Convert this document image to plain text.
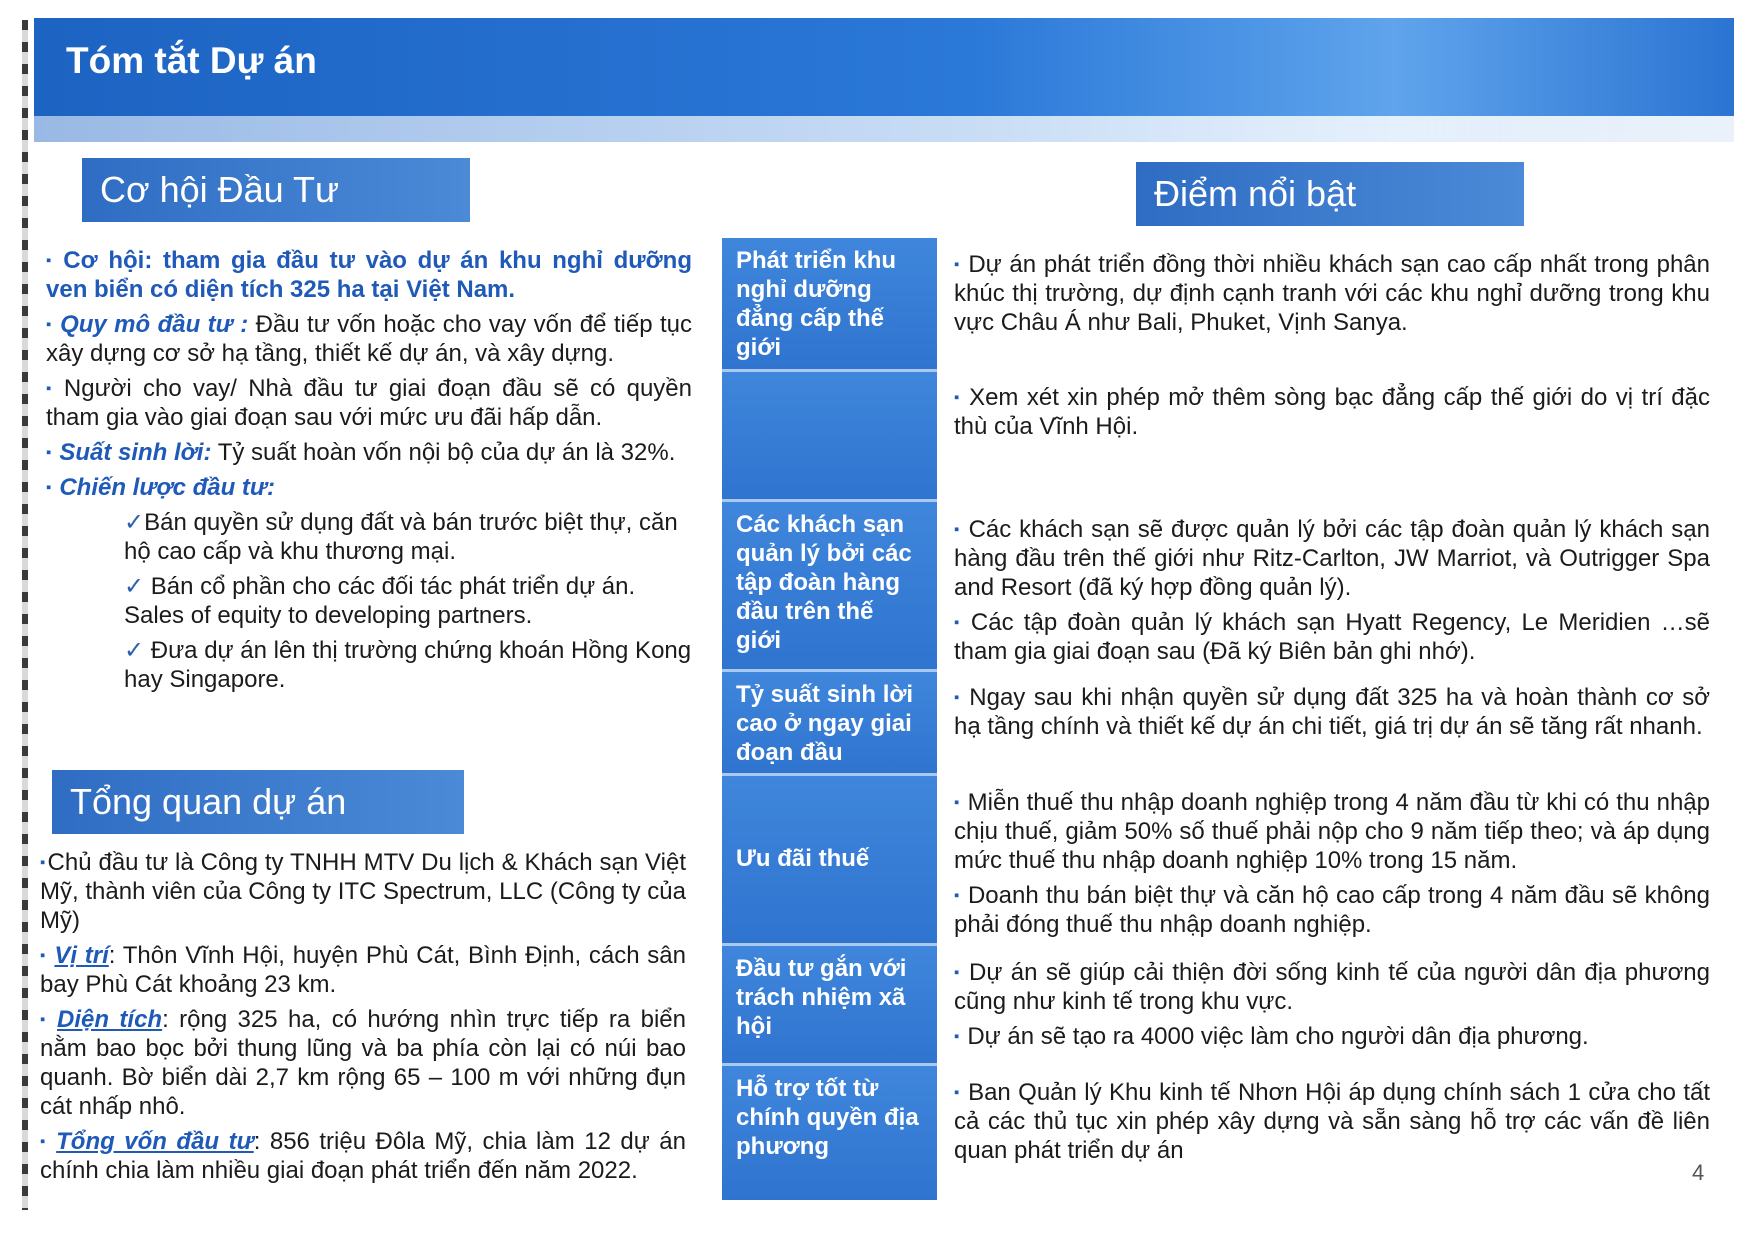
Tóm tắt Dự án
Cơ hội Đầu Tư

▪ Cơ hội: tham gia đầu tư vào dự án khu nghỉ dưỡng ven biển có diện tích 325 ha tại Việt Nam.

▪ Quy mô đầu tư : Đầu tư vốn hoặc cho vay vốn để tiếp tục xây dựng cơ sở hạ tầng, thiết kế dự án, và xây dựng.

▪ Người cho vay/ Nhà đầu tư giai đoạn đầu sẽ có quyền tham gia vào giai đoạn sau với mức ưu đãi hấp dẫn.

▪ Suất sinh lời: Tỷ suất hoàn vốn nội bộ của dự án là 32%.

▪ Chiến lược đầu tư:

✓Bán quyền sử dụng đất và bán trước biệt thự, căn hộ cao cấp và khu thương mại.

✓ Bán cổ phần cho các đối tác phát triển dự án. Sales of equity to developing partners.

✓ Đưa dự án lên thị trường chứng khoán Hồng Kong hay Singapore.

Tổng quan dự án

▪Chủ đầu tư là Công ty TNHH MTV Du lịch & Khách sạn Việt Mỹ, thành viên của Công ty ITC Spectrum, LLC (Công ty của Mỹ)

▪ Vị trí: Thôn Vĩnh Hội, huyện Phù Cát, Bình Định, cách sân bay Phù Cát khoảng 23 km.

▪ Diện tích: rộng 325 ha, có hướng nhìn trực tiếp ra biển nằm bao bọc bởi thung lũng và ba phía còn lại có núi bao quanh. Bờ biển dài 2,7 km rộng 65 – 100 m với những đụn cát nhấp nhô.

▪ Tổng vốn đầu tư: 856 triệu Đôla Mỹ, chia làm 12 dự án chính chia làm nhiều giai đoạn phát triển đến năm 2022.

Điểm nổi bật
Phát triển khu nghỉ dưỡng đẳng cấp thế giới
Các khách sạn quản lý bởi các tập đoàn hàng đầu trên thế giới
Tỷ suất sinh lời cao ở ngay giai đoạn đầu
Ưu đãi thuế
Đầu tư gắn với trách nhiệm xã hội
Hỗ trợ tốt từ chính quyền địa phương

▪ Dự án phát triển đồng thời nhiều khách sạn cao cấp nhất trong phân khúc thị trường, dự định cạnh tranh với các khu nghỉ dưỡng trong khu vực Châu Á như Bali, Phuket, Vịnh Sanya.

▪ Xem xét xin phép mở thêm sòng bạc đẳng cấp thế giới do vị trí đặc thù của Vĩnh Hội.

▪ Các khách sạn sẽ được quản lý bởi các tập đoàn quản lý khách sạn hàng đầu trên thế giới như Ritz-Carlton, JW Marriot, và Outrigger Spa and Resort (đã ký hợp đồng quản lý).

▪ Các tập đoàn quản lý khách sạn Hyatt Regency, Le Meridien …sẽ tham gia giai đoạn sau (Đã ký Biên bản ghi nhớ).

▪ Ngay sau khi nhận quyền sử dụng đất 325 ha và hoàn thành cơ sở hạ tầng chính và thiết kế dự án chi tiết, giá trị dự án sẽ tăng rất nhanh.

▪ Miễn thuế thu nhập doanh nghiệp trong 4 năm đầu từ khi có thu nhập chịu thuế, giảm 50% số thuế phải nộp cho 9 năm tiếp theo; và áp dụng mức thuế thu nhập doanh nghiệp 10% trong 15 năm.

▪ Doanh thu bán biệt thự và căn hộ cao cấp trong 4 năm đầu sẽ không phải đóng thuế thu nhập doanh nghiệp.

▪ Dự án sẽ giúp cải thiện đời sống kinh tế của người dân địa phương cũng như kinh tế trong khu vực.

▪ Dự án sẽ tạo ra 4000 việc làm cho người dân địa phương.

▪ Ban Quản lý Khu kinh tế Nhơn Hội áp dụng chính sách 1 cửa cho tất cả các thủ tục xin phép xây dựng và sẵn sàng hỗ trợ các vấn đề liên quan phát triển dự án

4
